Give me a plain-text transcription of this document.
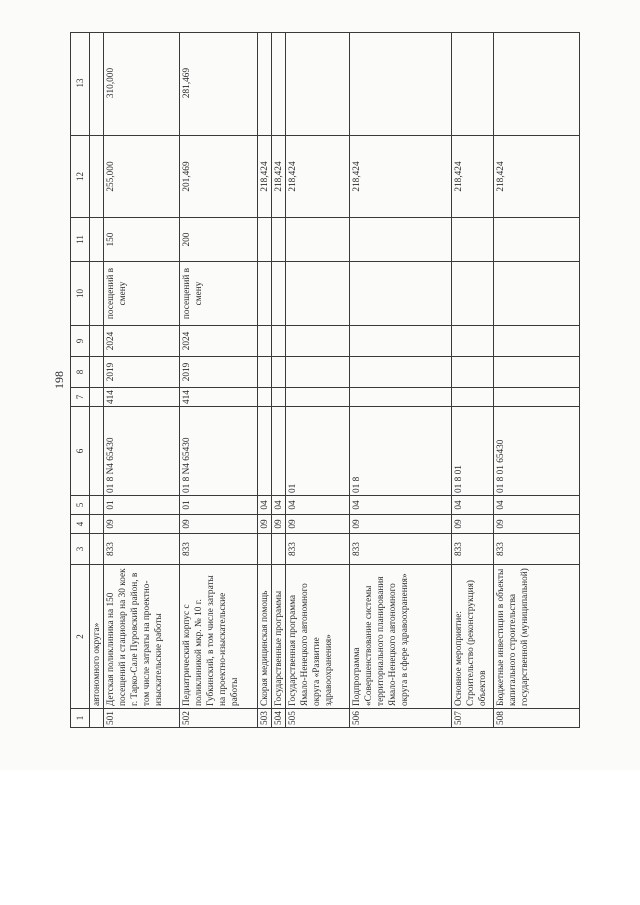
198
1
2
3
4
5
6
7
8
9
10
11
12
13
автономного округа»
501
Детская поликлиника на 150 посещений и стационар на 30 коек г. Тарко-Сале Пуровский район, в том числе затраты на проектно-изыскательские работы
833
09
01
01 8 N4 65430
414
2019
2024
посещений в смену
150
255,000
310,000
502
Педиатрический корпус с поликлиникой мкр. № 10 г. Губкинский, в том числе затраты на проектно-изыскательские работы
833
09
01
01 8 N4 65430
414
2019
2024
посещений в смену
200
201,469
281,469
503
Скорая медицинская помощь
09
04
218,424
504
Государственные программы
09
04
218,424
505
Государственная программа Ямало-Ненецкого автономного округа «Развитие здравоохранения»
833
09
04
01
218,424
506
Подпрограмма «Совершенствование системы территориального планирования Ямало-Ненецкого автономного округа в сфере здравоохранения»
833
09
04
01 8
218,424
507
Основное мероприятие: Строительство (реконструкция) объектов
833
09
04
01 8 01
218,424
508
Бюджетные инвестиции в объекты капитального строительства государственной (муниципальной)
833
09
04
01 8 01 65430
218,424
